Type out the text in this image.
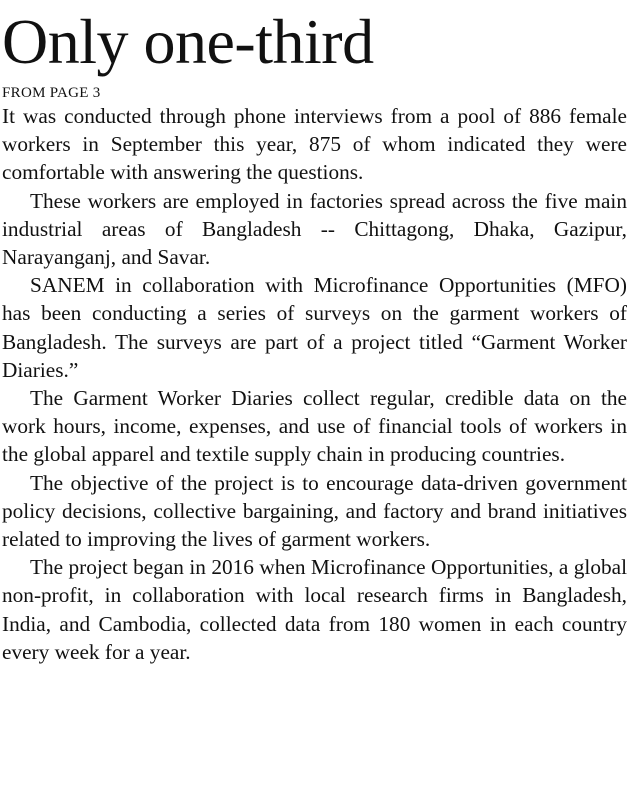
Only one-third
FROM PAGE 3

It was conducted through phone interviews from a pool of 886 female workers in September this year, 875 of whom indicated they were comfortable with answering the questions.

These workers are employed in factories spread across the five main industrial areas of Bangladesh -- Chittagong, Dhaka, Gazipur, Narayanganj, and Savar.

SANEM in collaboration with Microfinance Opportunities (MFO) has been conducting a series of surveys on the garment workers of Bangladesh. The surveys are part of a project titled “Garment Worker Diaries.”

The Garment Worker Diaries collect regular, credible data on the work hours, income, expenses, and use of financial tools of workers in the global apparel and textile supply chain in producing countries.

The objective of the project is to encourage data-driven government policy decisions, collective bargaining, and factory and brand initiatives related to improving the lives of garment workers.

The project began in 2016 when Microfinance Opportunities, a global non-profit, in collaboration with local research firms in Bangladesh, India, and Cambodia, collected data from 180 women in each country every week for a year.
